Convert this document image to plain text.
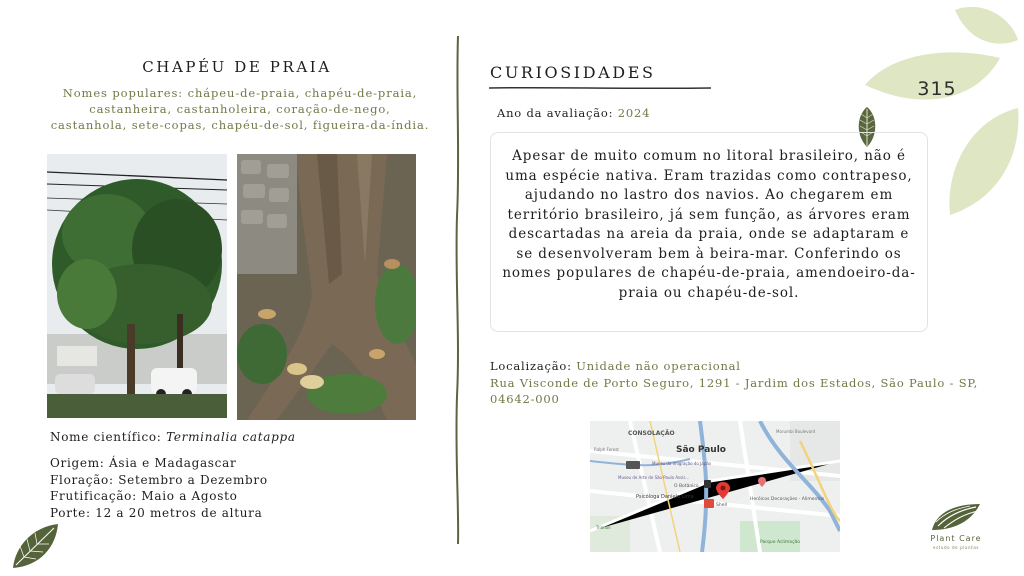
315
CHAPÉU DE PRAIA
Nomes populares: chápeu-de-praia, chapéu-de-praia, castanheira, castanholeira, coração-de-nego, castanhola, sete-copas, chapéu-de-sol, figueira-da-índia.
Nome científico: Terminalia catappa
Origem: Ásia e Madagascar
Floração: Setembro a Dezembro
Frutificação: Maio a Agosto
Porte: 12 a 20 metros de altura
CURIOSIDADES
Ano da avaliação: 2024
Apesar de muito comum no litoral brasileiro, não é uma espécie nativa. Eram trazidas como contrapeso, ajudando no lastro dos navios. Ao chegarem em território brasileiro, já sem função, as árvores eram descartadas na areia da praia, onde se adaptaram e se desenvolveram bem à beira-mar. Conferindo os nomes populares de chapéu-de-praia, amendoeiro-da-praia ou chapéu-de-sol.
Localização: Unidade não operacional
Rua Visconde de Porto Seguro, 1291 - Jardim dos Estados, São Paulo - SP, 04642-000
CONSOLAÇÃO
São Paulo
Museu de Arte de São Paulo Assis...
Museu da Imigração do Japão
O Botânico
Psicóloga Daniele Lima
Shell
Heróicos Decorações - Alimentos
Parque Aclimação
Ralph Forest
Morumbi Boulevard
Trianon
Plant Care
estudo de plantas
